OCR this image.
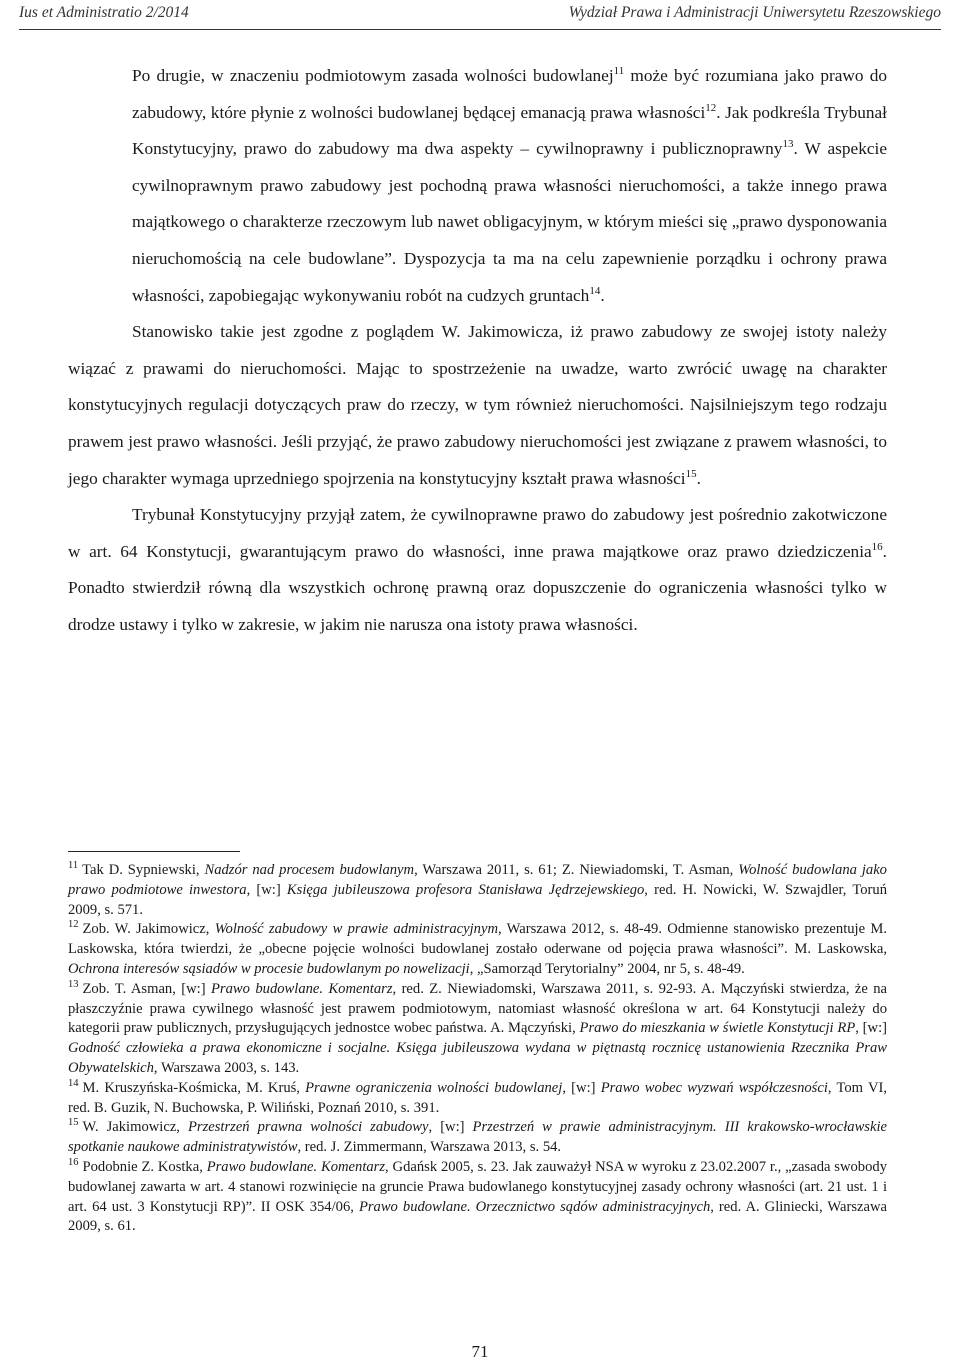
Ius et Administratio 2/2014	Wydział Prawa i Administracji Uniwersytetu Rzeszowskiego

Po drugie, w znaczeniu podmiotowym zasada wolności budowlanej$^{11}$ może być rozumiana jako prawo do zabudowy, które płynie z wolności budowlanej będącej emanacją prawa własności$^{12}$. Jak podkreśla Trybunał Konstytucyjny, prawo do zabudowy ma dwa aspekty – cywilnoprawny i publicznoprawny$^{13}$. W aspekcie cywilnoprawnym prawo zabudowy jest pochodną prawa własności nieruchomości, a także innego prawa majątkowego o charakterze rzeczowym lub nawet obligacyjnym, w którym mieści się „prawo dysponowania nieruchomością na cele budowlane”. Dyspozycja ta ma na celu zapewnienie porządku i ochrony prawa własności, zapobiegając wykonywaniu robót na cudzych gruntach$^{14}$.

Stanowisko takie jest zgodne z poglądem W. Jakimowicza, iż prawo zabudowy ze swojej istoty należy wiązać z prawami do nieruchomości. Mając to spostrzeżenie na uwadze, warto zwrócić uwagę na charakter konstytucyjnych regulacji dotyczących praw do rzeczy, w tym również nieruchomości. Najsilniejszym tego rodzaju prawem jest prawo własności. Jeśli przyjąć, że prawo zabudowy nieruchomości jest związane z prawem własności, to jego charakter wymaga uprzedniego spojrzenia na konstytucyjny kształt prawa własności$^{15}$.

Trybunał Konstytucyjny przyjął zatem, że cywilnoprawne prawo do zabudowy jest pośrednio zakotwiczone w art. 64 Konstytucji, gwarantującym prawo do własności, inne prawa majątkowe oraz prawo dziedziczenia$^{16}$. Ponadto stwierdził równą dla wszystkich ochronę prawną oraz dopuszczenie do ograniczenia własności tylko w drodze ustawy i tylko w zakresie, w jakim nie narusza ona istoty prawa własności.

$^{11}$ Tak D. Sypniewski, Nadzór nad procesem budowlanym, Warszawa 2011, s. 61; Z. Niewiadomski, T. Asman, Wolność budowlana jako prawo podmiotowe inwestora, [w:] Księga jubileuszowa profesora Stanisława Jędrzejewskiego, red. H. Nowicki, W. Szwajdler, Toruń 2009, s. 571.

$^{12}$ Zob. W. Jakimowicz, Wolność zabudowy w prawie administracyjnym, Warszawa 2012, s. 48-49. Odmienne stanowisko prezentuje M. Laskowska, która twierdzi, że „obecne pojęcie wolności budowlanej zostało oderwane od pojęcia prawa własności”. M. Laskowska, Ochrona interesów sąsiadów w procesie budowlanym po nowelizacji, „Samorząd Terytorialny” 2004, nr 5, s. 48-49.

$^{13}$ Zob. T. Asman, [w:] Prawo budowlane. Komentarz, red. Z. Niewiadomski, Warszawa 2011, s. 92-93. A. Mączyński stwierdza, że na płaszczyźnie prawa cywilnego własność jest prawem podmiotowym, natomiast własność określona w art. 64 Konstytucji należy do kategorii praw publicznych, przysługujących jednostce wobec państwa. A. Mączyński, Prawo do mieszkania w świetle Konstytucji RP, [w:] Godność człowieka a prawa ekonomiczne i socjalne. Księga jubileuszowa wydana w piętnastą rocznicę ustanowienia Rzecznika Praw Obywatelskich, Warszawa 2003, s. 143.

$^{14}$ M. Kruszyńska-Kośmicka, M. Kruś, Prawne ograniczenia wolności budowlanej, [w:] Prawo wobec wyzwań współczesności, Tom VI, red. B. Guzik, N. Buchowska, P. Wiliński, Poznań 2010, s. 391.

$^{15}$ W. Jakimowicz, Przestrzeń prawna wolności zabudowy, [w:] Przestrzeń w prawie administracyjnym. III krakowsko-wrocławskie spotkanie naukowe administratywistów, red. J. Zimmermann, Warszawa 2013, s. 54.

$^{16}$ Podobnie Z. Kostka, Prawo budowlane. Komentarz, Gdańsk 2005, s. 23. Jak zauważył NSA w wyroku z 23.02.2007 r., „zasada swobody budowlanej zawarta w art. 4 stanowi rozwinięcie na gruncie Prawa budowlanego konstytucyjnej zasady ochrony własności (art. 21 ust. 1 i art. 64 ust. 3 Konstytucji RP)”. II OSK 354/06, Prawo budowlane. Orzecznictwo sądów administracyjnych, red. A. Gliniecki, Warszawa 2009, s. 61.

71
